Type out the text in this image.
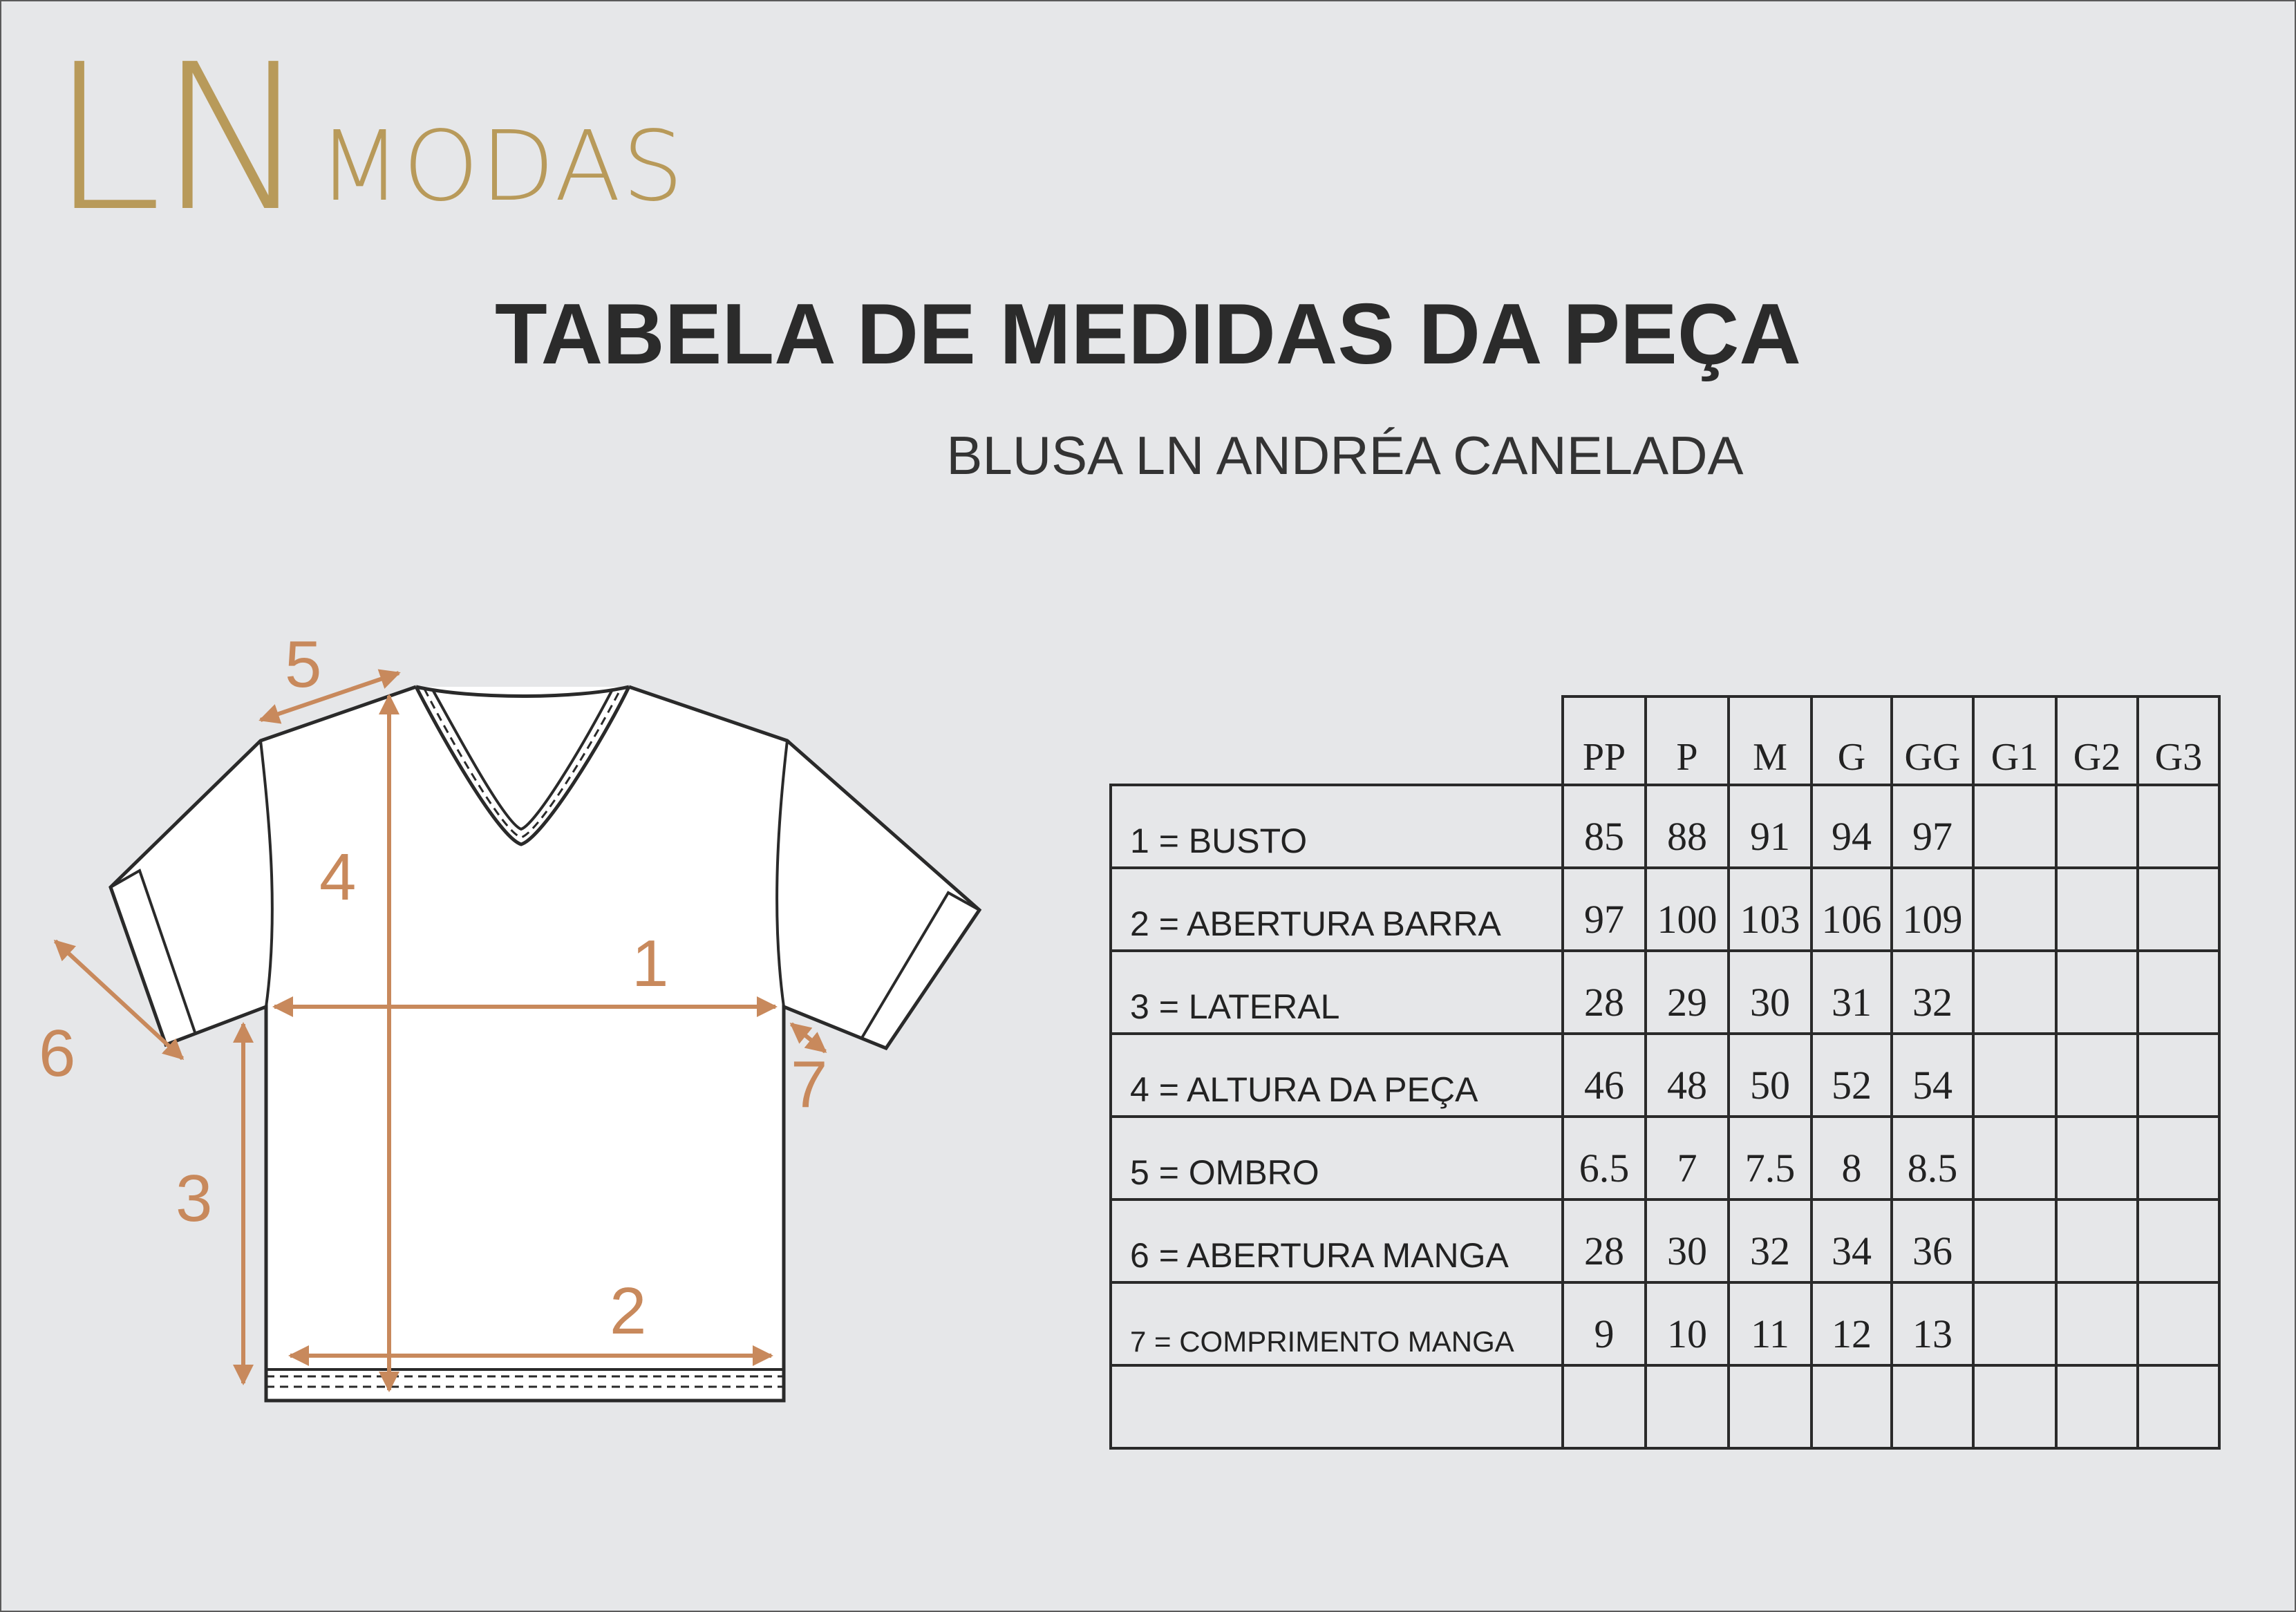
LN MODAS
TABELA DE MEDIDAS DA PEÇA
BLUSA LN ANDRÉA CANELADA
1
2
3
4
5
6	7
	PP	P	M	G	GG	G1	G2	G3
1 = BUSTO	85	88	91	94	97			
2 = ABERTURA BARRA	97	100	103	106	109			
3 = LATERAL	28	29	30	31	32			
4 = ALTURA DA PEÇA	46	48	50	52	54			
5 = OMBRO	6.5	7	7.5	8	8.5			
6 = ABERTURA MANGA	28	30	32	34	36			
7 = COMPRIMENTO MANGA	9	10	11	12	13			
